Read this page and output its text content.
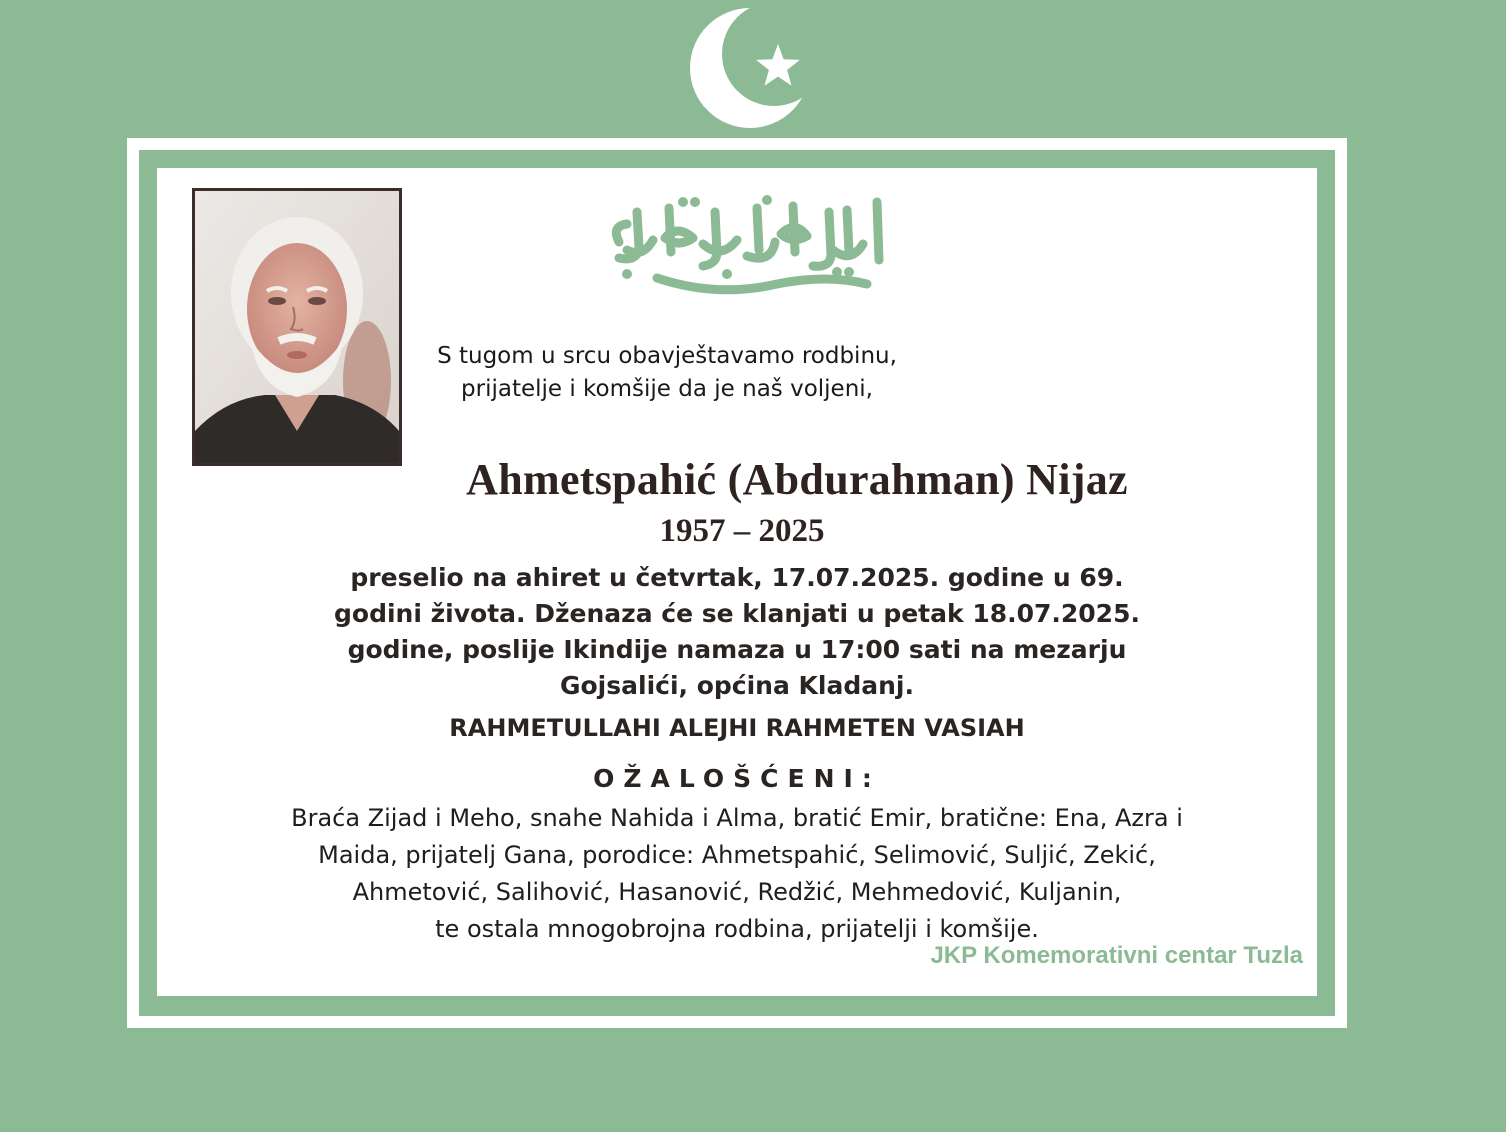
S tugom u srcu obavještavamo rodbinu,
prijatelje i komšije da je naš voljeni,
Ahmetspahić (Abdurahman) Nijaz
1957 – 2025
preselio na ahiret u četvrtak, 17.07.2025. godine u 69.
godini života. Dženaza će se klanjati u petak 18.07.2025.
godine, poslije Ikindije namaza u 17:00 sati na mezarju
Gojsalići, općina Kladanj.
RAHMETULLAHI ALEJHI RAHMETEN VASIAH
OŽALOŠĆENI:
Braća Zijad i Meho, snahe Nahida i Alma, bratić Emir, bratične: Ena, Azra i
Maida, prijatelj Gana, porodice: Ahmetspahić, Selimović, Suljić, Zekić,
Ahmetović, Salihović, Hasanović, Redžić, Mehmedović, Kuljanin,
te ostala mnogobrojna rodbina, prijatelji i komšije.
JKP Komemorativni centar Tuzla
